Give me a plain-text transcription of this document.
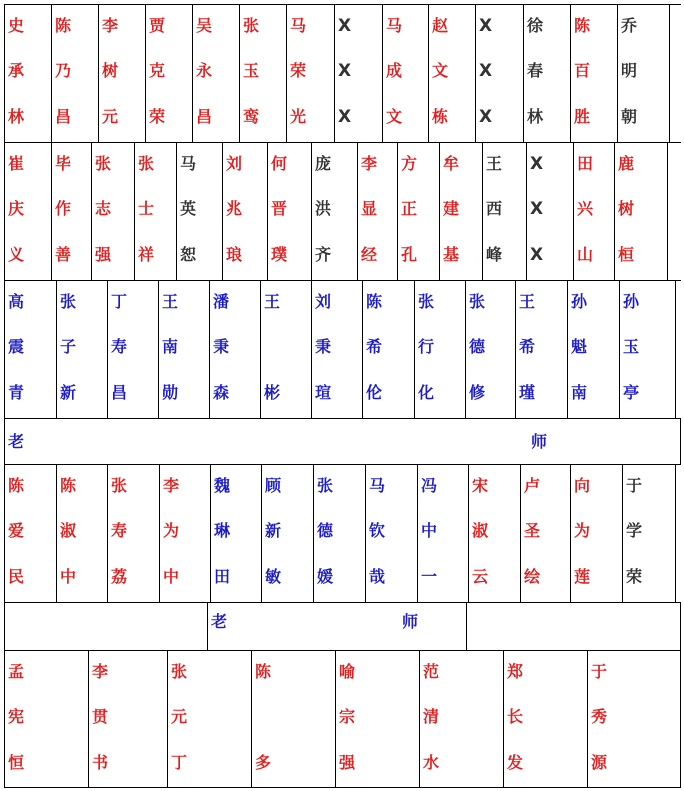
史
承
林
陈
乃
昌
李
树
元
贾
克
荣
吴
永
昌
张
玉
鸾
马
荣
光
X
X
X
马
成
文
赵
文
栋
X
X
X
徐
春
林
陈
百
胜
乔
明
朝
崔
庆
义
毕
作
善
张
志
强
张
士
祥
马
英
恕
刘
兆
琅
何
晋
璞
庞
洪
齐
李
显
经
方
正
孔
牟
建
基
王
西
峰
X
X
X
田
兴
山
鹿
树
桓
高
震
青
张
子
新
丁
寿
昌
王
南
勋
潘
秉
森
王
彬
刘
秉
瑄
陈
希
伦
张
行
化
张
德
修
王
希
瑾
孙
魁
南
孙
玉
亭
老	师
陈
爱
民
陈
淑
中
张
寿
荔
李
为
中
魏
琳
田
顾
新
敏
张
德
媛
马
钦
哉
冯
中
一
宋
淑
云
卢
圣
绘
向
为
莲
于
学
荣
老	师
孟
宪
恒
李
贯
书
张
元
丁
陈
多
喻
宗
强
范
清
水
郑
长
发
于
秀
源
